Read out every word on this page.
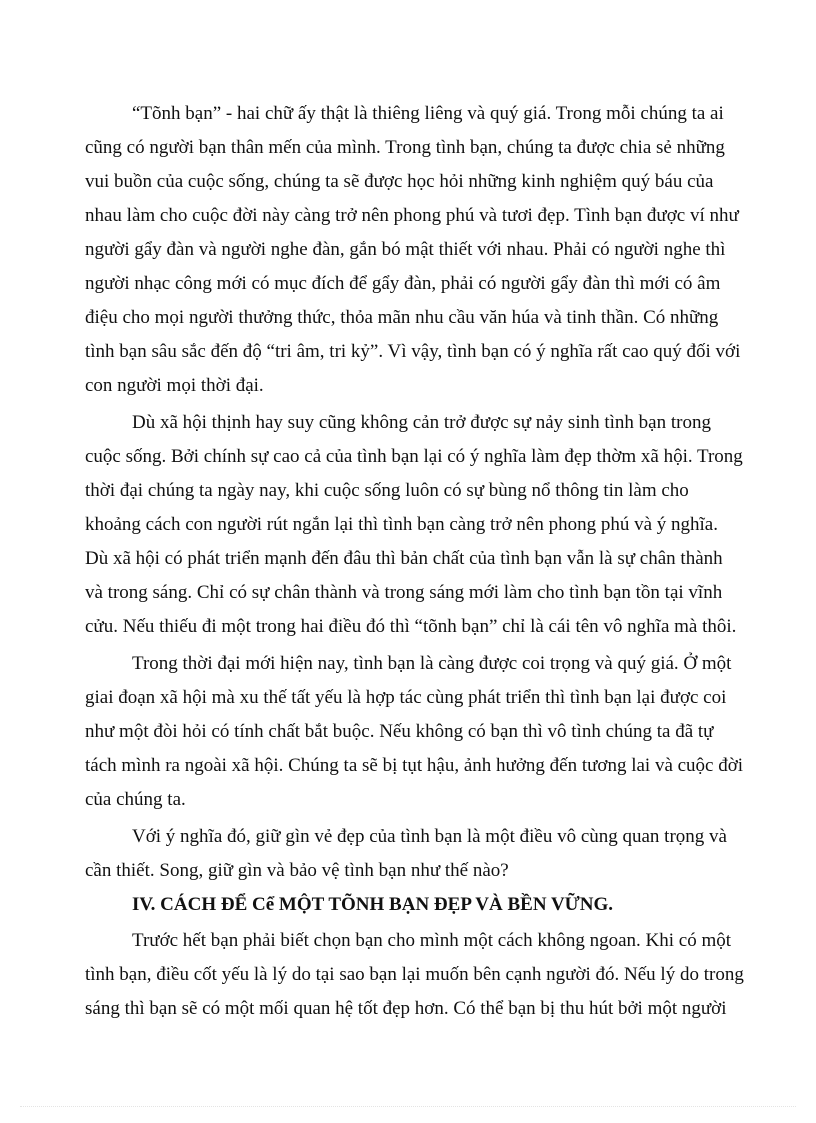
“Tõnh bạn” - hai chữ ấy thật là thiêng liêng và quý giá. Trong mỗi chúng ta ai
cũng có người bạn thân mến của mình. Trong tình bạn, chúng ta được chia sẻ những
vui buồn của cuộc sống, chúng ta sẽ được học hỏi những kinh nghiệm quý báu của
nhau làm cho cuộc đời này càng trở nên phong phú và tươi đẹp. Tình bạn được ví như
người gẩy đàn và người nghe đàn, gắn bó mật thiết với nhau. Phải có người nghe thì
người nhạc công mới có mục đích để gẩy đàn, phải có người gẩy đàn thì mới có âm
điệu cho mọi người thưởng thức, thỏa mãn nhu cầu văn húa và tinh thần. Có những
tình bạn sâu sắc đến độ “tri âm, tri kỷ”. Vì vậy, tình bạn có ý nghĩa rất cao quý đối với
con người mọi thời đại.
Dù xã hội thịnh hay suy cũng không cản trở được sự nảy sinh tình bạn trong
cuộc sống. Bởi chính sự cao cả của tình bạn lại có ý nghĩa làm đẹp thờm xã hội. Trong
thời đại chúng ta ngày nay, khi cuộc sống luôn có sự bùng nổ thông tin làm cho
khoảng cách con người rút ngắn lại thì tình bạn càng trở nên phong phú và ý nghĩa.
Dù xã hội có phát triển mạnh đến đâu thì bản chất của tình bạn vẫn là sự chân thành
và trong sáng. Chỉ có sự chân thành và trong sáng mới làm cho tình bạn tồn tại vĩnh
cửu. Nếu thiếu đi một trong hai điều đó thì “tõnh bạn” chỉ là cái tên vô nghĩa mà thôi.
Trong thời đại mới hiện nay, tình bạn là càng được coi trọng và quý giá. Ở một
giai đoạn xã hội mà xu thế tất yếu là hợp tác cùng phát triển thì tình bạn lại được coi
như một đòi hỏi có tính chất bắt buộc. Nếu không có bạn thì vô tình chúng ta đã tự
tách mình ra ngoài xã hội. Chúng ta sẽ bị tụt hậu, ảnh hưởng đến tương lai và cuộc đời
của chúng ta.
Với ý nghĩa đó, giữ gìn vẻ đẹp của tình bạn là một điều vô cùng quan trọng và
cần thiết. Song, giữ gìn và bảo vệ tình bạn như thế nào?
IV. CÁCH ĐỂ Cể MỘT TÕNH BẠN ĐẸP VÀ BỀN VỮNG.
Trước hết bạn phải biết chọn bạn cho mình một cách không ngoan. Khi có một
tình bạn, điều cốt yếu là lý do tại sao bạn lại muốn bên cạnh người đó. Nếu lý do trong
sáng thì bạn sẽ có một mối quan hệ tốt đẹp hơn. Có thể bạn bị thu hút bởi một người
